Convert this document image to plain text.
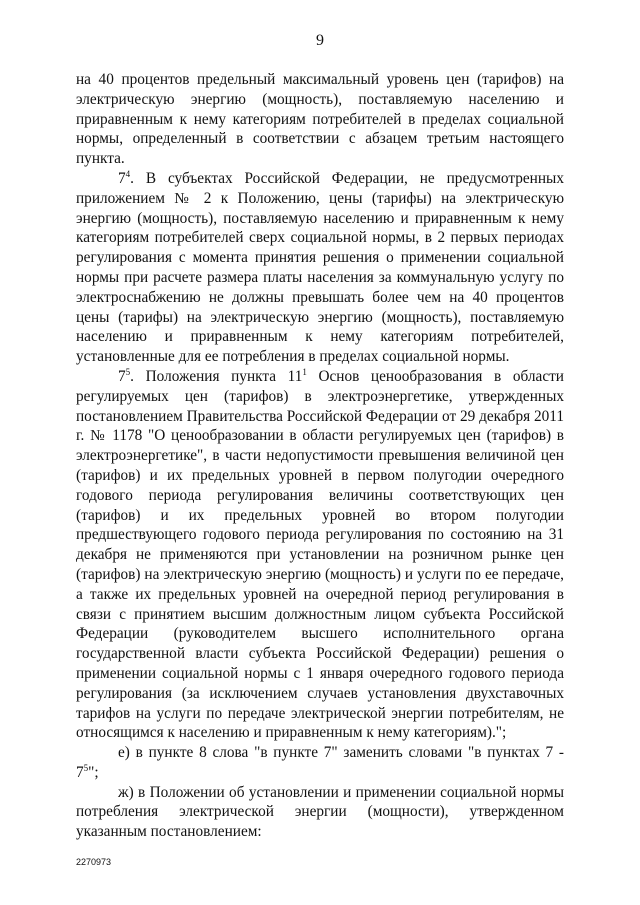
9

на 40 процентов предельный максимальный уровень цен (тарифов) на электрическую энергию (мощность), поставляемую населению и приравненным к нему категориям потребителей в пределах социальной нормы, определенный в соответствии с абзацем третьим настоящего пункта.

$7^4$. В субъектах Российской Федерации, не предусмотренных приложением № 2 к Положению, цены (тарифы) на электрическую энергию (мощность), поставляемую населению и приравненным к нему категориям потребителей сверх социальной нормы, в 2 первых периодах регулирования с момента принятия решения о применении социальной нормы при расчете размера платы населения за коммунальную услугу по электроснабжению не должны превышать более чем на 40 процентов цены (тарифы) на электрическую энергию (мощность), поставляемую населению и приравненным к нему категориям потребителей, установленные для ее потребления в пределах социальной нормы.

$7^5$. Положения пункта $11^1$ Основ ценообразования в области регулируемых цен (тарифов) в электроэнергетике, утвержденных постановлением Правительства Российской Федерации от 29 декабря 2011 г. № 1178 "О ценообразовании в области регулируемых цен (тарифов) в электроэнергетике", в части недопустимости превышения величиной цен (тарифов) и их предельных уровней в первом полугодии очередного годового периода регулирования величины соответствующих цен (тарифов) и их предельных уровней во втором полугодии предшествующего годового периода регулирования по состоянию на 31 декабря не применяются при установлении на розничном рынке цен (тарифов) на электрическую энергию (мощность) и услуги по ее передаче, а также их предельных уровней на очередной период регулирования в связи с принятием высшим должностным лицом субъекта Российской Федерации (руководителем высшего исполнительного органа государственной власти субъекта Российской Федерации) решения о применении социальной нормы с 1 января очередного годового периода регулирования (за исключением случаев установления двухставочных тарифов на услуги по передаче электрической энергии потребителям, не относящимся к населению и приравненным к нему категориям).";

е) в пункте 8 слова "в пункте 7" заменить словами "в пунктах $7 - 7^5$";

ж) в Положении об установлении и применении социальной нормы потребления электрической энергии (мощности), утвержденном указанным постановлением:

2270973
